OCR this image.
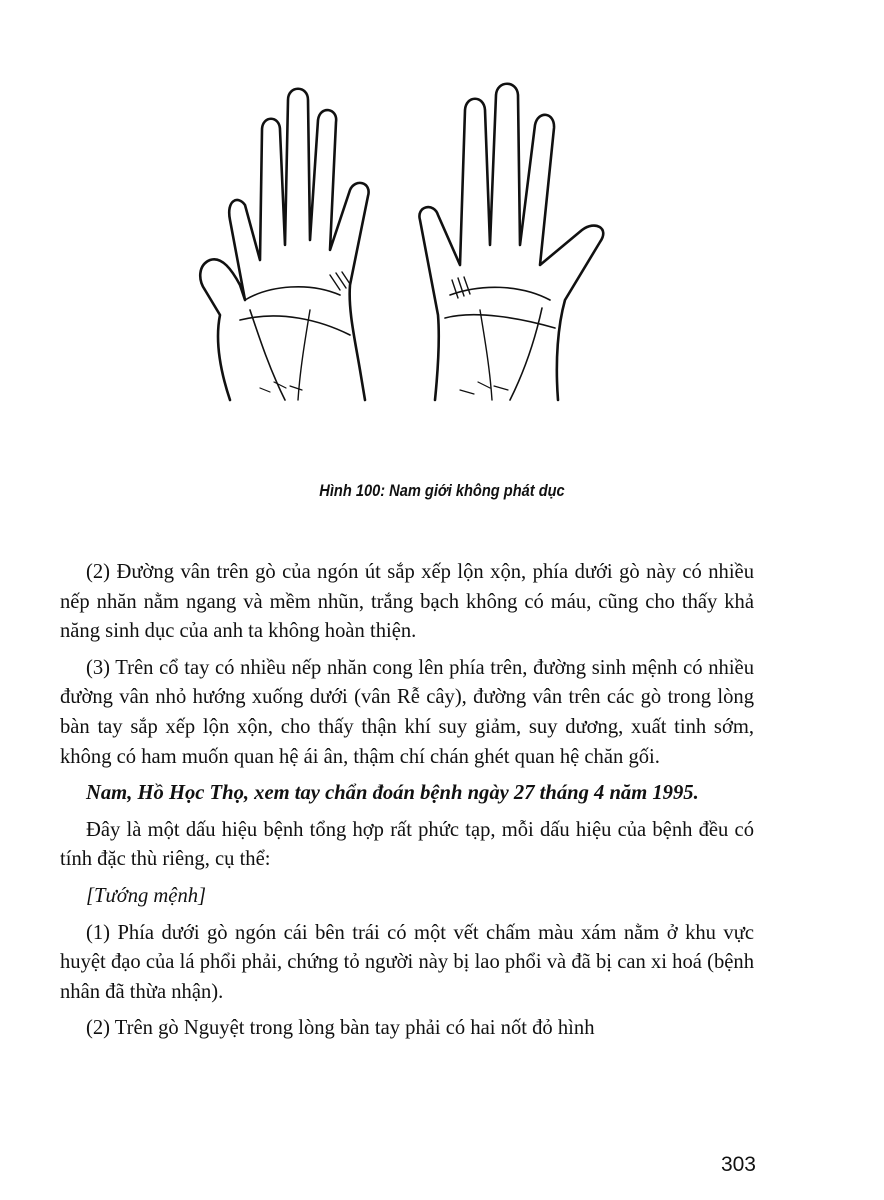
Hình 100: Nam giới không phát dục

(2) Đường vân trên gò của ngón út sắp xếp lộn xộn, phía dưới gò này có nhiều nếp nhăn nằm ngang và mềm nhũn, trắng bạch không có máu, cũng cho thấy khả năng sinh dục của anh ta không hoàn thiện.

(3) Trên cổ tay có nhiều nếp nhăn cong lên phía trên, đường sinh mệnh có nhiều đường vân nhỏ hướng xuống dưới (vân Rễ cây), đường vân trên các gò trong lòng bàn tay sắp xếp lộn xộn, cho thấy thận khí suy giảm, suy dương, xuất tinh sớm, không có ham muốn quan hệ ái ân, thậm chí chán ghét quan hệ chăn gối.

Nam, Hồ Học Thọ, xem tay chẩn đoán bệnh ngày 27 tháng 4 năm 1995.

Đây là một dấu hiệu bệnh tổng hợp rất phức tạp, mỗi dấu hiệu của bệnh đều có tính đặc thù riêng, cụ thể:

[Tướng mệnh]

(1) Phía dưới gò ngón cái bên trái có một vết chấm màu xám nằm ở khu vực huyệt đạo của lá phổi phải, chứng tỏ người này bị lao phổi và đã bị can xi hoá (bệnh nhân đã thừa nhận).

(2) Trên gò Nguyệt trong lòng bàn tay phải có hai nốt đỏ hình

303
